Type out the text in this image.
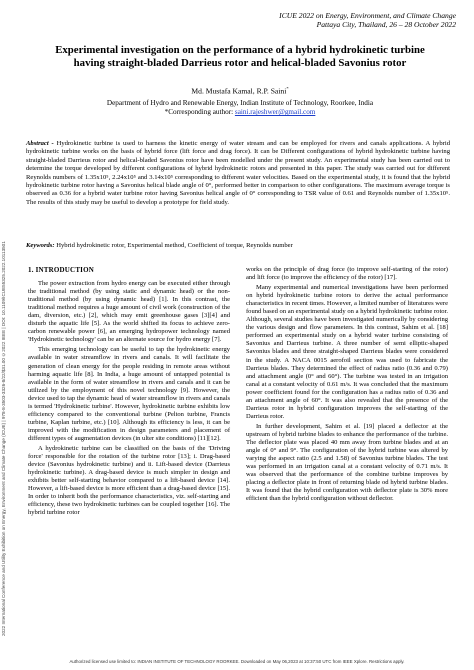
2022 International Conference and Utility Exhibition on Energy, Environment and Climate Change (ICUE) | 978-8-3503-3326-8/22/$31.00 ©2022 IEEE | DOI: 10.1109/ICUE55325.2022.10113501
ICUE 2022 on Energy, Environment, and Climate Change
Pattaya City, Thailand, 26 – 28 October 2022
Experimental investigation on the performance of a hybrid hydrokinetic turbine
having straight-bladed Darrieus rotor and helical-bladed Savonius rotor
Md. Mustafa Kamal, R.P. Saini*
Department of Hydro and Renewable Energy, Indian Institute of Technology, Roorkee, India
*Corresponding author: saini.rajeshwer@gmail.com
Abstract - Hydrokinetic turbine is used to harness the kinetic energy of water stream and can be employed for rivers and canals applications. A hybrid hydrokinetic turbine works on the basis of hybrid force (lift force and drag force). It can be Different configurations of hybrid hydrokinetic turbine having straight-bladed Darrieus rotor and helical-bladed Savonius rotor have been modelled under the present study. An experimental study has been carried out to determine the torque developed by different configurations of hybrid hydrokinetic rotors and presented in this paper. The study was carried out for different Reynolds numbers of 1.35x10⁵, 2.24x10⁵ and 3.14x10⁵ corresponding to different water velocities. Based on the experimental study, it is found that the hybrid hydrokinetic turbine rotor having a Savonius helical blade angle of 0°, performed better in comparison to other configurations. The maximum average torque is observed as 0.36 for a hybrid water turbine rotor having Savonius helical angle of 0° corresponding to TSR value of 0.61 and Reynolds number of 1.35x10⁵. The results of this study may be useful to develop a prototype for field study.
Keywords: Hybrid hydrokinetic rotor, Experimental method, Coefficient of torque, Reynolds number
1. INTRODUCTION

The power extraction from hydro energy can be executed either through the traditional method (by using static and dynamic head) or the non-traditional method (by using dynamic head) [1]. In this contrast, the traditional method requires a huge amount of civil work (construction of the dam, diversion, etc.) [2], which may emit greenhouse gases [3][4] and disturb the aquatic life [5]. As the world shifted its focus to achieve zero-carbon renewable power [6], an emerging hydropower technology named 'Hydrokinetic technology' can be an alternate source for hydro energy [7].

This emerging technology can be useful to tap the hydrokinetic energy available in water streamflow in rivers and canals. It will facilitate the generation of clean energy for the people residing in remote areas without harming aquatic life [8]. In India, a huge amount of untapped potential is available in the form of water streamflow in rivers and canals and it can be utilized by the employment of this novel technology [9]. However, the device used to tap the dynamic head of water streamflow in rivers and canals is termed 'Hydrokinetic turbine'. However, hydrokinetic turbine exhibits low efficiency compared to the conventional turbine (Pelton turbine, Francis turbine, Kaplan turbine, etc.) [10]. Although its efficiency is less, it can be improved with the modification in design parameters and placement of different types of augmentation devices (in ulter site conditions) [11][12].

A hydrokinetic turbine can be classified on the basis of the 'Driving force' responsible for the rotation of the turbine rotor [13]; i. Drag-based device (Savonius hydrokinetic turbine) and ii. Lift-based device (Darrieus hydrokinetic turbine). A drag-based device is much simpler in design and exhibits better self-starting behavior compared to a lift-based device [14]. However, a lift-based device is more efficient than a drag-based device [15]. In order to inherit both the performance characteristics, viz. self-starting and efficiency, these two hydrokinetic turbines can be coupled together [16]. The hybrid turbine rotor

works on the principle of drag force (to improve self-starting of the rotor) and lift force (to improve the efficiency of the rotor) [17].

Many experimental and numerical investigations have been performed on hybrid hydrokinetic turbine rotors to derive the actual performance characteristics in recent times. However, a limited number of literatures were found based on an experimental study on a hybrid hydrokinetic turbine rotor. Although, several studies have been investigated numerically by considering the various design and flow parameters. In this contrast, Sahim et al. [18] performed an experimental study on a hybrid water turbine consisting of Savonius and Darrieus turbine. A three number of semi elliptic-shaped Savonius blades and three straight-shaped Darrieus blades were considered in the study. A NACA 0015 aerofoil section was used to fabricate the Darrieus blades. They determined the effect of radius ratio (0.36 and 0.79) and attachment angle (0° and 60°). The turbine was tested in an irrigation canal at a constant velocity of 0.61 m/s. It was concluded that the maximum power coefficient found for the configuration has a radius ratio of 0.36 and an attachment angle of 60°. It was also revealed that the presence of the Darrieus rotor in hybrid configuration improves the self-starting of the Darrieus rotor.

In further development, Sahim et al. [19] placed a deflector at the upstream of hybrid turbine blades to enhance the performance of the turbine. The deflector plate was placed 40 mm away from turbine blades and at an angle of 0° and 9°. The configuration of the hybrid turbine was altered by varying the aspect ratio (2.5 and 1.58) of Savonius turbine blades. The test was performed in an irrigation canal at a constant velocity of 0.71 m/s. It was observed that the performance of the combine turbine improves by placing a deflector plate in front of returning blade od hybrid turbine blades. It was found that the hybrid configuration with deflector plate is 30% more efficient than the hybrid configuration without deflector.

Authorized licensed use limited to: INDIAN INSTITUTE OF TECHNOLOGY ROORKEE. Downloaded on May 06,2023 at 10:37:50 UTC from IEEE Xplore. Restrictions apply.
